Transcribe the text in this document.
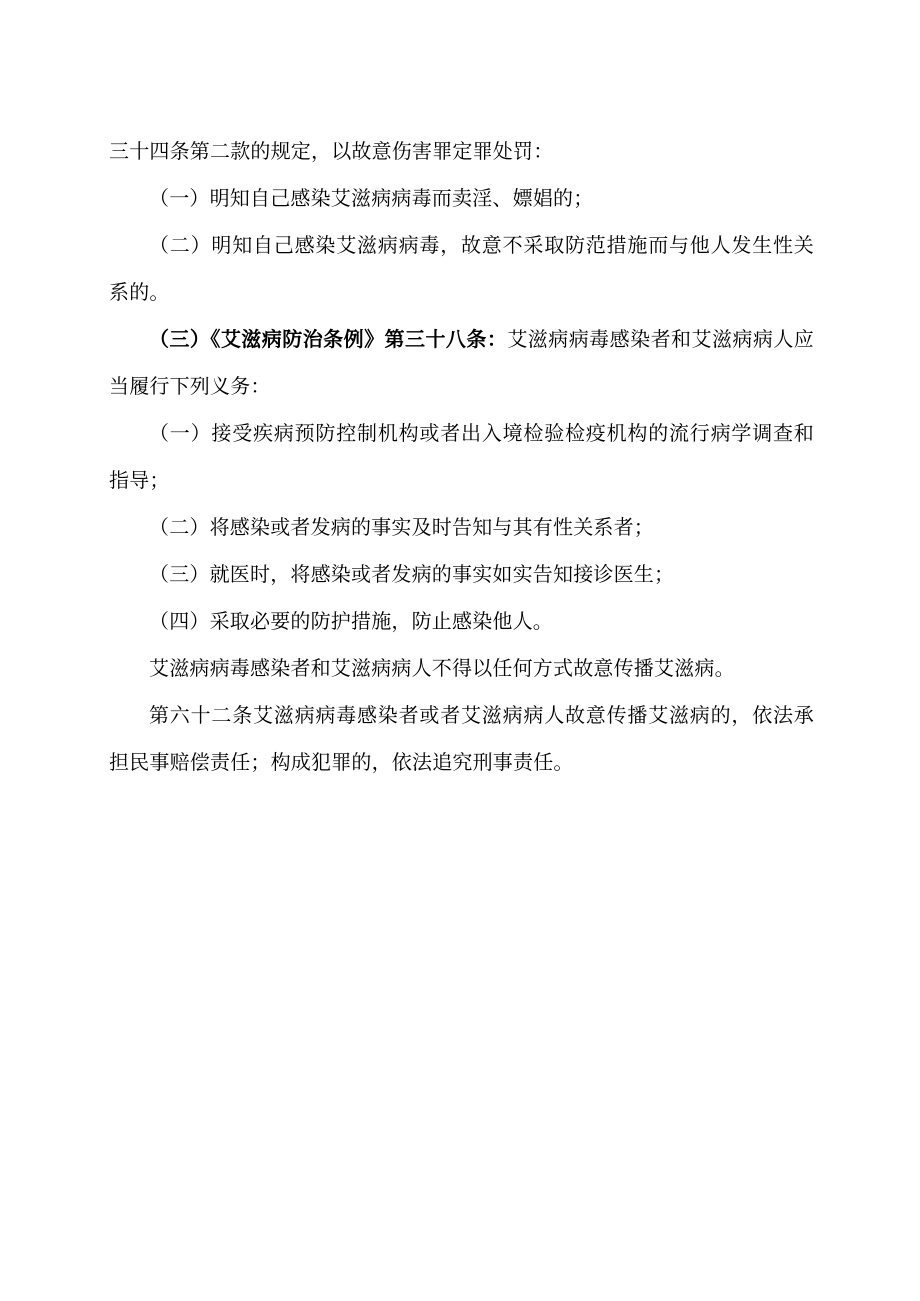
三十四条第二款的规定，以故意伤害罪定罪处罚：

（一）明知自己感染艾滋病病毒而卖淫、嫖娼的；

（二）明知自己感染艾滋病病毒，故意不采取防范措施而与他人发生性关系的。

（三）《艾滋病防治条例》第三十八条：艾滋病病毒感染者和艾滋病病人应当履行下列义务：

（一）接受疾病预防控制机构或者出入境检验检疫机构的流行病学调查和指导；

（二）将感染或者发病的事实及时告知与其有性关系者；

（三）就医时，将感染或者发病的事实如实告知接诊医生；

（四）采取必要的防护措施，防止感染他人。

艾滋病病毒感染者和艾滋病病人不得以任何方式故意传播艾滋病。

第六十二条艾滋病病毒感染者或者艾滋病病人故意传播艾滋病的，依法承担民事赔偿责任；构成犯罪的，依法追究刑事责任。
